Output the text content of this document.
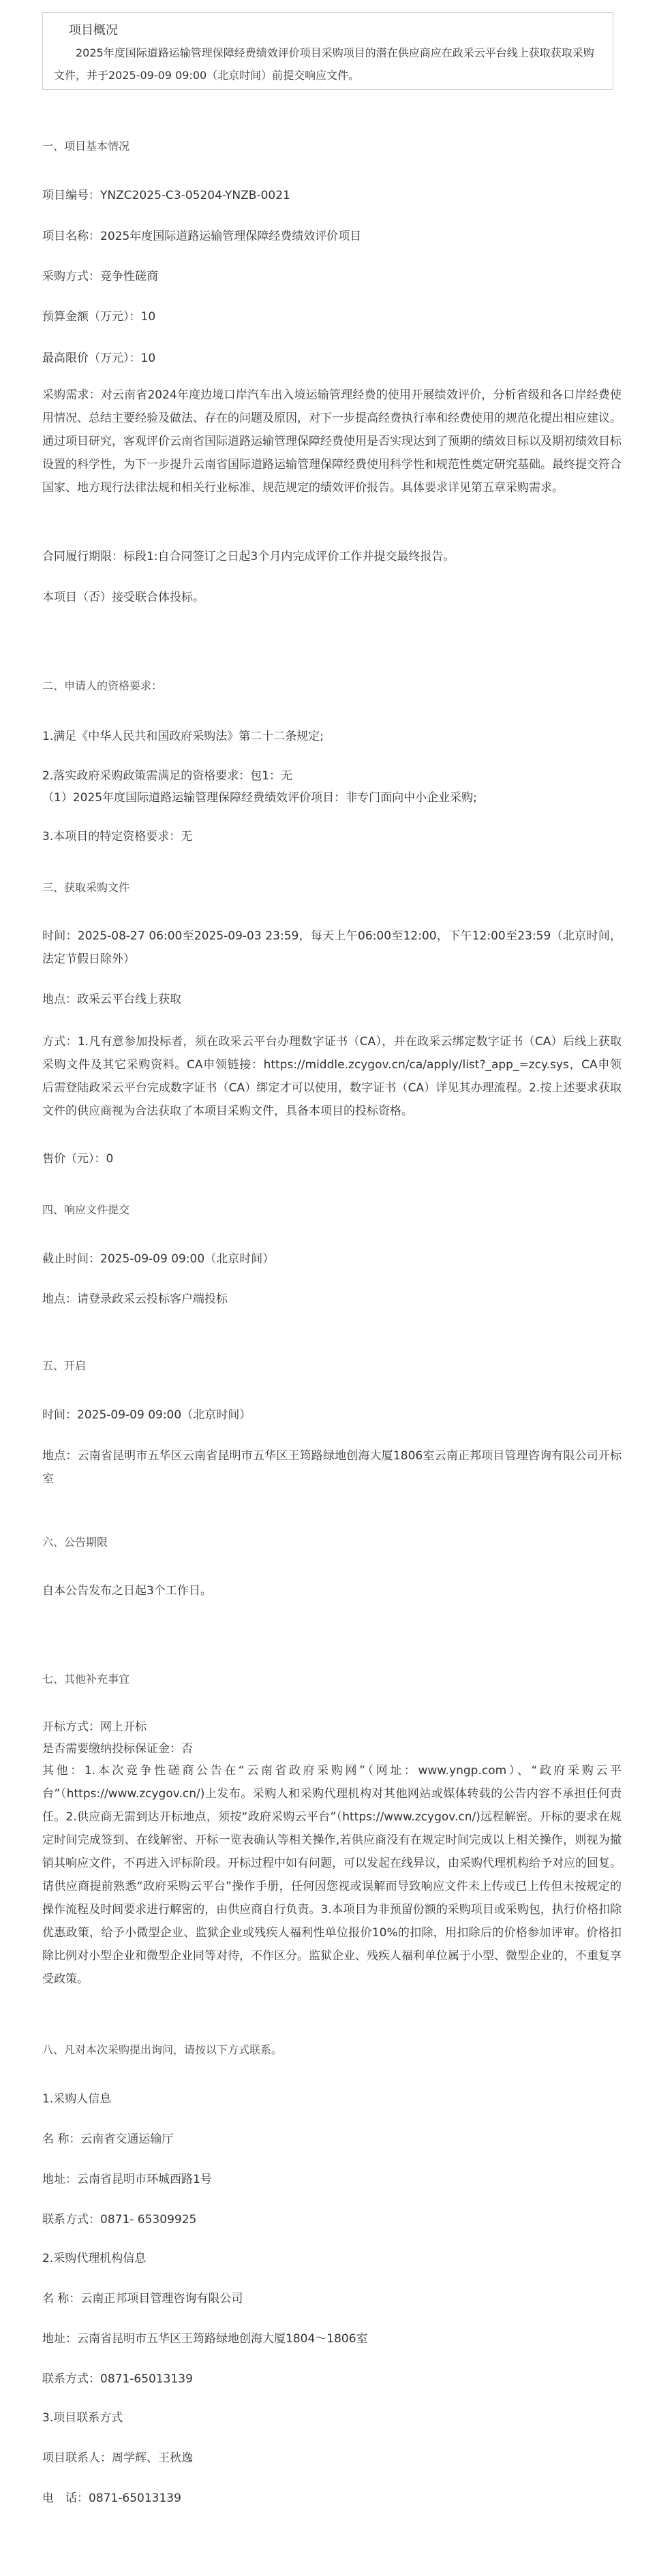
项目概况
2025年度国际道路运输管理保障经费绩效评价项目采购项目的潜在供应商应在政采云平台线上获取获取采购文件，并于2025-09-09 09:00（北京时间）前提交响应文件。
一、项目基本情况
项目编号：YNZC2025-C3-05204-YNZB-0021
项目名称：2025年度国际道路运输管理保障经费绩效评价项目
采购方式：竞争性磋商
预算金额（万元）：10
最高限价（万元）：10
采购需求：对云南省2024年度边境口岸汽车出入境运输管理经费的使用开展绩效评价，分析省级和各口岸经费使用情况、总结主要经验及做法、存在的问题及原因，对下一步提高经费执行率和经费使用的规范化提出相应建议。通过项目研究，客观评价云南省国际道路运输管理保障经费使用是否实现达到了预期的绩效目标以及期初绩效目标设置的科学性，为下一步提升云南省国际道路运输管理保障经费使用科学性和规范性奠定研究基础。最终提交符合国家、地方现行法律法规和相关行业标准、规范规定的绩效评价报告。具体要求详见第五章采购需求。
合同履行期限：标段1:自合同签订之日起3个月内完成评价工作并提交最终报告。
本项目（否）接受联合体投标。
二、申请人的资格要求：
1.满足《中华人民共和国政府采购法》第二十二条规定;
2.落实政府采购政策需满足的资格要求：包1：无
（1）2025年度国际道路运输管理保障经费绩效评价项目：非专门面向中小企业采购;
3.本项目的特定资格要求：无
三、获取采购文件
时间：2025-08-27 06:00至2025-09-03 23:59，每天上午06:00至12:00，下午12:00至23:59（北京时间，法定节假日除外）
地点：政采云平台线上获取
方式：1.凡有意参加投标者，须在政采云平台办理数字证书（CA），并在政采云绑定数字证书（CA）后线上获取采购文件及其它采购资料。CA申领链接：https://middle.zcygov.cn/ca/apply/list?_app_=zcy.sys，CA申领后需登陆政采云平台完成数字证书（CA）绑定才可以使用，数字证书（CA）详见其办理流程。2.按上述要求获取文件的供应商视为合法获取了本项目采购文件，具备本项目的投标资格。
售价（元）：0
四、响应文件提交
截止时间：2025-09-09 09:00（北京时间）
地点：请登录政采云投标客户端投标
五、开启
时间：2025-09-09 09:00（北京时间）
地点：云南省昆明市五华区云南省昆明市五华区王筠路绿地创海大厦1806室云南正邦项目管理咨询有限公司开标室
六、公告期限
自本公告发布之日起3个工作日。
七、其他补充事宜
开标方式：网上开标
是否需要缴纳投标保证金：否
其他：1.本次竞争性磋商公告在“云南省政府采购网”（网址：www.yngp.com）、“政府采购云平台”（https://www.zcygov.cn/)上发布。采购人和采购代理机构对其他网站或媒体转载的公告内容不承担任何责任。2.供应商无需到达开标地点，须按“政府采购云平台”（https://www.zcygov.cn/)远程解密。开标的要求在规定时间完成签到、在线解密、开标一览表确认等相关操作,若供应商没有在规定时间完成以上相关操作，则视为撤销其响应文件，不再进入评标阶段。开标过程中如有问题，可以发起在线异议，由采购代理机构给予对应的回复。请供应商提前熟悉“政府采购云平台”操作手册，任何因您视或误解而导致响应文件未上传或已上传但未按规定的操作流程及时间要求进行解密的，由供应商自行负责。3.本项目为非预留份额的采购项目或采购包，执行价格扣除优惠政策，给予小微型企业、监狱企业或残疾人福利性单位报价10%的扣除，用扣除后的价格参加评审。价格扣除比例对小型企业和微型企业同等对待，不作区分。监狱企业、残疾人福利单位属于小型、微型企业的，不重复享受政策。
八、凡对本次采购提出询问，请按以下方式联系。
1.采购人信息
名 称：云南省交通运输厅
地址：云南省昆明市环城西路1号
联系方式：0871- 65309925
2.采购代理机构信息
名 称：云南正邦项目管理咨询有限公司
地址：云南省昆明市五华区王筠路绿地创海大厦1804～1806室
联系方式：0871-65013139
3.项目联系方式
项目联系人：周学辉、王秋逸
电　话：0871-65013139
